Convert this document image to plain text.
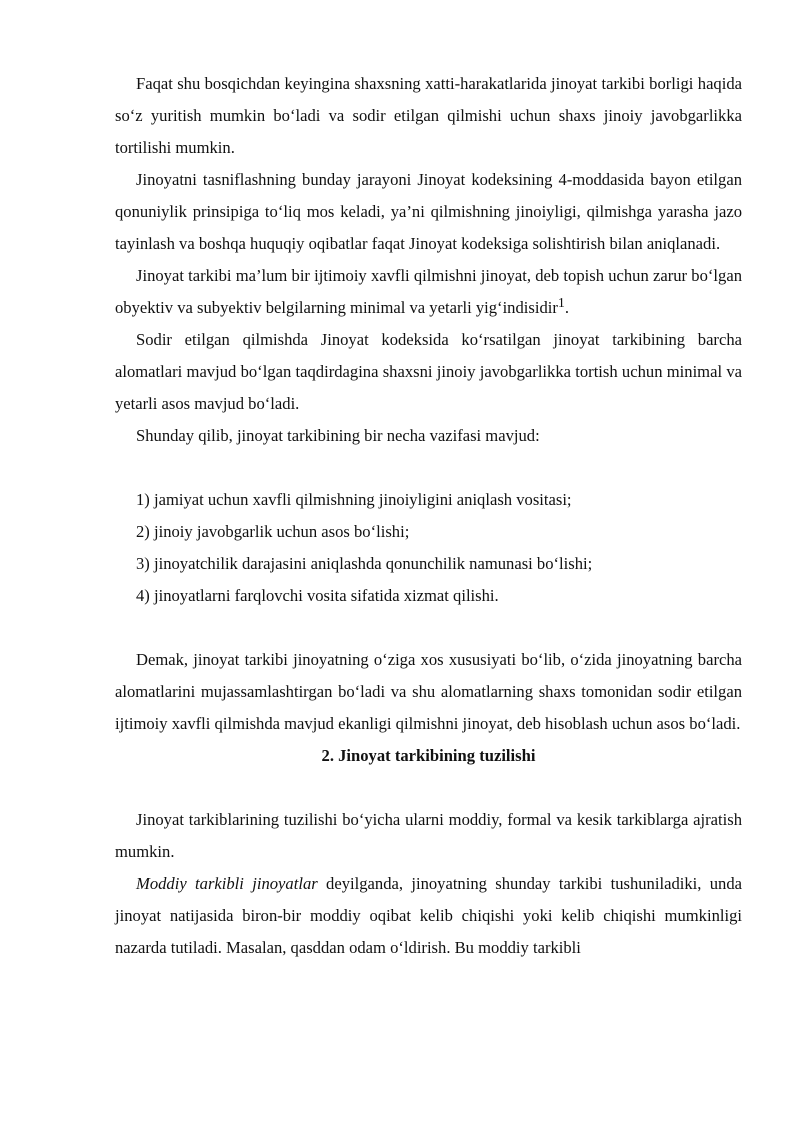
Faqat shu bosqichdan keyingina shaxsning xatti-harakatlarida jinoyat tarkibi borligi haqida soʻz yuritish mumkin boʻladi va sodir etilgan qilmishi uchun shaxs jinoiy javobgarlikka tortilishi mumkin.

Jinoyatni tasniflashning bunday jarayoni Jinoyat kodeksining 4-moddasida bayon etilgan qonuniylik prinsipiga toʻliq mos keladi, ya’ni qilmishning jinoiyligi, qilmishga yarasha jazo tayinlash va boshqa huquqiy oqibatlar faqat Jinoyat kodeksiga solishtirish bilan aniqlanadi.

Jinoyat tarkibi ma’lum bir ijtimoiy xavfli qilmishni jinoyat, deb topish uchun zarur boʻlgan obyektiv va subyektiv belgilarning minimal va yetarli yigʻindisidir$^1$.

Sodir etilgan qilmishda Jinoyat kodeksida koʻrsatilgan jinoyat tarkibining barcha alomatlari mavjud boʻlgan taqdirdagina shaxsni jinoiy javobgarlikka tortish uchun minimal va yetarli asos mavjud boʻladi.

Shunday qilib, jinoyat tarkibining bir necha vazifasi mavjud:

1) jamiyat uchun xavfli qilmishning jinoiyligini aniqlash vositasi;

2) jinoiy javobgarlik uchun asos boʻlishi;

3) jinoyatchilik darajasini aniqlashda qonunchilik namunasi boʻlishi;

4) jinoyatlarni farqlovchi vosita sifatida xizmat qilishi.

Demak, jinoyat tarkibi jinoyatning oʻziga xos xususiyati boʻlib, oʻzida jinoyatning barcha alomatlarini mujassamlashtirgan boʻladi va shu alomatlarning shaxs tomonidan sodir etilgan ijtimoiy xavfli qilmishda mavjud ekanligi qilmishni jinoyat, deb hisoblash uchun asos boʻladi.

2. Jinoyat tarkibining tuzilishi

Jinoyat tarkiblarining tuzilishi boʻyicha ularni moddiy, formal va kesik tarkiblarga ajratish mumkin.

Moddiy tarkibli jinoyatlar deyilganda, jinoyatning shunday tarkibi tushuniladiki, unda jinoyat natijasida biron-bir moddiy oqibat kelib chiqishi yoki kelib chiqishi mumkinligi nazarda tutiladi. Masalan, qasddan odam oʻldirish. Bu moddiy tarkibli
